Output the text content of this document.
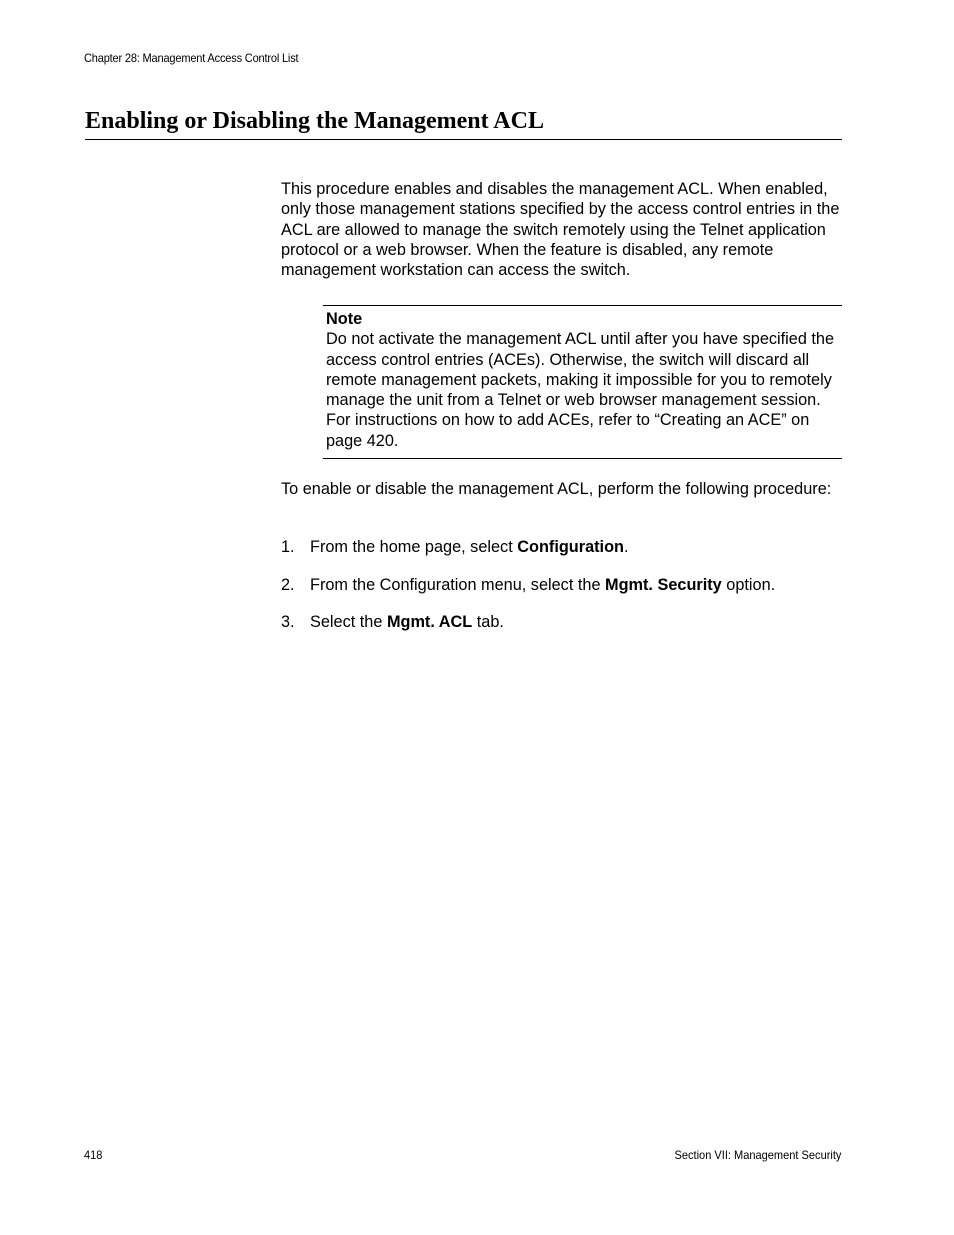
Chapter 28: Management Access Control List
Enabling or Disabling the Management ACL

This procedure enables and disables the management ACL. When enabled, only those management stations specified by the access control entries in the ACL are allowed to manage the switch remotely using the Telnet application protocol or a web browser. When the feature is disabled, any remote management workstation can access the switch.

Note

Do not activate the management ACL until after you have specified the access control entries (ACEs). Otherwise, the switch will discard all remote management packets, making it impossible for you to remotely manage the unit from a Telnet or web browser management session. For instructions on how to add ACEs, refer to “Creating an ACE” on page 420.

To enable or disable the management ACL, perform the following procedure:

1. From the home page, select Configuration.
2. From the Configuration menu, select the Mgmt. Security option.
3. Select the Mgmt. ACL tab.
418	Section VII: Management Security
